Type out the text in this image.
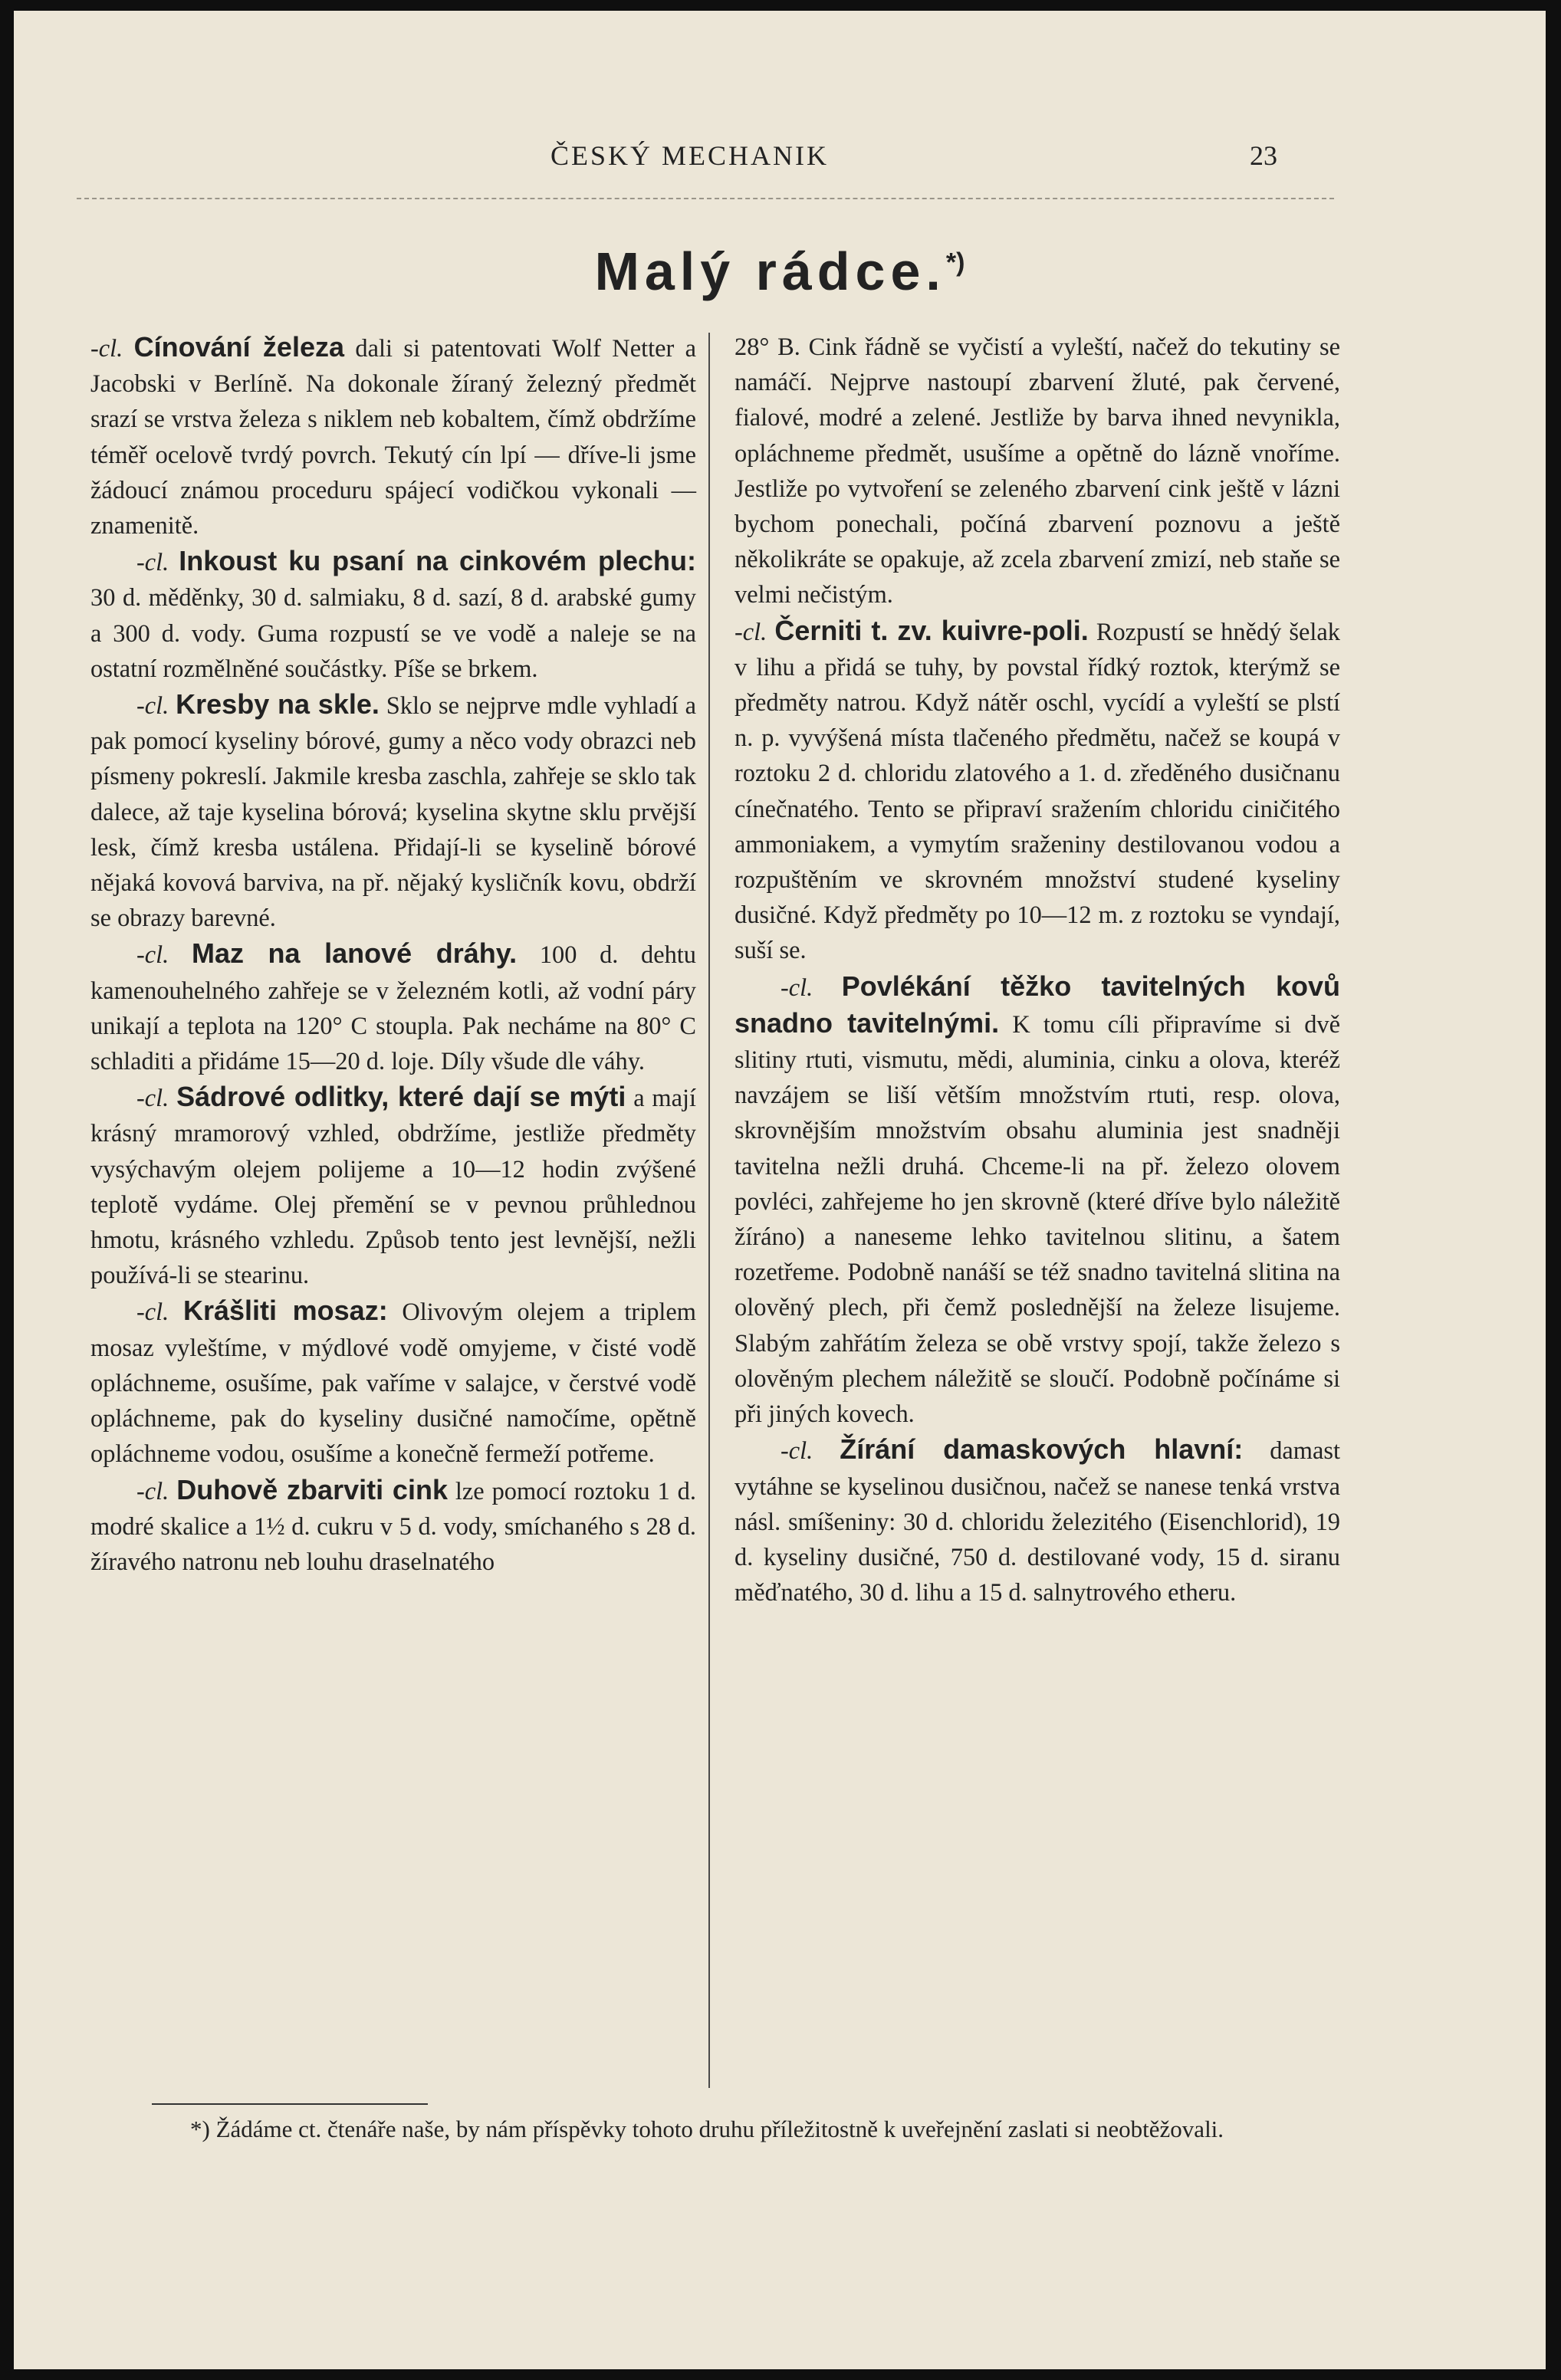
ČESKÝ MECHANIK	23
Malý rádce.*)

-cl. Cínování železa dali si patentovati Wolf Netter a Jacobski v Berlíně. Na dokonale žíraný železný předmět srazí se vrstva železa s niklem neb kobaltem, čímž obdržíme téměř ocelově tvrdý povrch. Tekutý cín lpí — dříve-li jsme žádoucí známou proceduru spájecí vodičkou vykonali — znamenitě.

-cl. Inkoust ku psaní na cinkovém plechu: 30 d. měděnky, 30 d. salmiaku, 8 d. sazí, 8 d. arabské gumy a 300 d. vody. Guma rozpustí se ve vodě a naleje se na ostatní rozmělněné součástky. Píše se brkem.

-cl. Kresby na skle. Sklo se nejprve mdle vyhladí a pak pomocí kyseliny bórové, gumy a něco vody obrazci neb písmeny pokreslí. Jakmile kresba zaschla, zahřeje se sklo tak dalece, až taje kyselina bórová; kyselina skytne sklu prvější lesk, čímž kresba ustálena. Přidají-li se kyselině bórové nějaká kovová barviva, na př. nějaký kysličník kovu, obdrží se obrazy barevné.

-cl. Maz na lanové dráhy. 100 d. dehtu kamenouhelného zahřeje se v železném kotli, až vodní páry unikají a teplota na 120° C stoupla. Pak necháme na 80° C schladiti a přidáme 15—20 d. loje. Díly všude dle váhy.

-cl. Sádrové odlitky, které dají se mýti a mají krásný mramorový vzhled, obdržíme, jestliže předměty vysýchavým olejem polijeme a 10—12 hodin zvýšené teplotě vydáme. Olej přemění se v pevnou průhlednou hmotu, krásného vzhledu. Způsob tento jest levnější, nežli používá-li se stearinu.

-cl. Krášliti mosaz: Olivovým olejem a triplem mosaz vyleštíme, v mýdlové vodě omyjeme, v čisté vodě opláchneme, osušíme, pak vaříme v salajce, v čerstvé vodě opláchneme, pak do kyseliny dusičné namočíme, opětně opláchneme vodou, osušíme a konečně fermeží potřeme.

-cl. Duhově zbarviti cink lze pomocí roztoku 1 d. modré skalice a 1½ d. cukru v 5 d. vody, smíchaného s 28 d. žíravého natronu neb louhu draselnatého

28° B. Cink řádně se vyčistí a vyleští, načež do tekutiny se namáčí. Nejprve nastoupí zbarvení žluté, pak červené, fialové, modré a zelené. Jestliže by barva ihned nevynikla, opláchneme předmět, usušíme a opětně do lázně vnoříme. Jestliže po vytvoření se zeleného zbarvení cink ještě v lázni bychom ponechali, počíná zbarvení poznovu a ještě několikráte se opakuje, až zcela zbarvení zmizí, neb staňe se velmi nečistým.

-cl. Černiti t. zv. kuivre-poli. Rozpustí se hnědý šelak v lihu a přidá se tuhy, by povstal řídký roztok, kterýmž se předměty natrou. Když nátěr oschl, vycídí a vyleští se plstí n. p. vyvýšená místa tlačeného předmětu, načež se koupá v roztoku 2 d. chloridu zlatového a 1. d. zředěného dusičnanu cínečnatého. Tento se připraví sražením chloridu ciničitého ammoniakem, a vymytím sraženiny destilovanou vodou a rozpuštěním ve skrovném množství studené kyseliny dusičné. Když předměty po 10—12 m. z roztoku se vyndají, suší se.

-cl. Povlékání těžko tavitelných kovů snadno tavitelnými. K tomu cíli připravíme si dvě slitiny rtuti, vismutu, mědi, aluminia, cinku a olova, kteréž navzájem se liší větším množstvím rtuti, resp. olova, skrovnějším množstvím obsahu aluminia jest snadněji tavitelna nežli druhá. Chceme-li na př. železo olovem povléci, zahřejeme ho jen skrovně (které dříve bylo náležitě žíráno) a naneseme lehko tavitelnou slitinu, a šatem rozetřeme. Podobně nanáší se též snadno tavitelná slitina na olověný plech, při čemž poslednější na železe lisujeme. Slabým zahřátím železa se obě vrstvy spojí, takže železo s olověným plechem náležitě se sloučí. Podobně počínáme si při jiných kovech.

-cl. Žírání damaskových hlavní: damast vytáhne se kyselinou dusičnou, načež se nanese tenká vrstva násl. smíšeniny: 30 d. chloridu železitého (Eisenchlorid), 19 d. kyseliny dusičné, 750 d. destilované vody, 15 d. siranu měďnatého, 30 d. lihu a 15 d. salnytrového etheru.

*) Žádáme ct. čtenáře naše, by nám příspěvky tohoto druhu příležitostně k uveřejnění zaslati si neobtěžovali.
